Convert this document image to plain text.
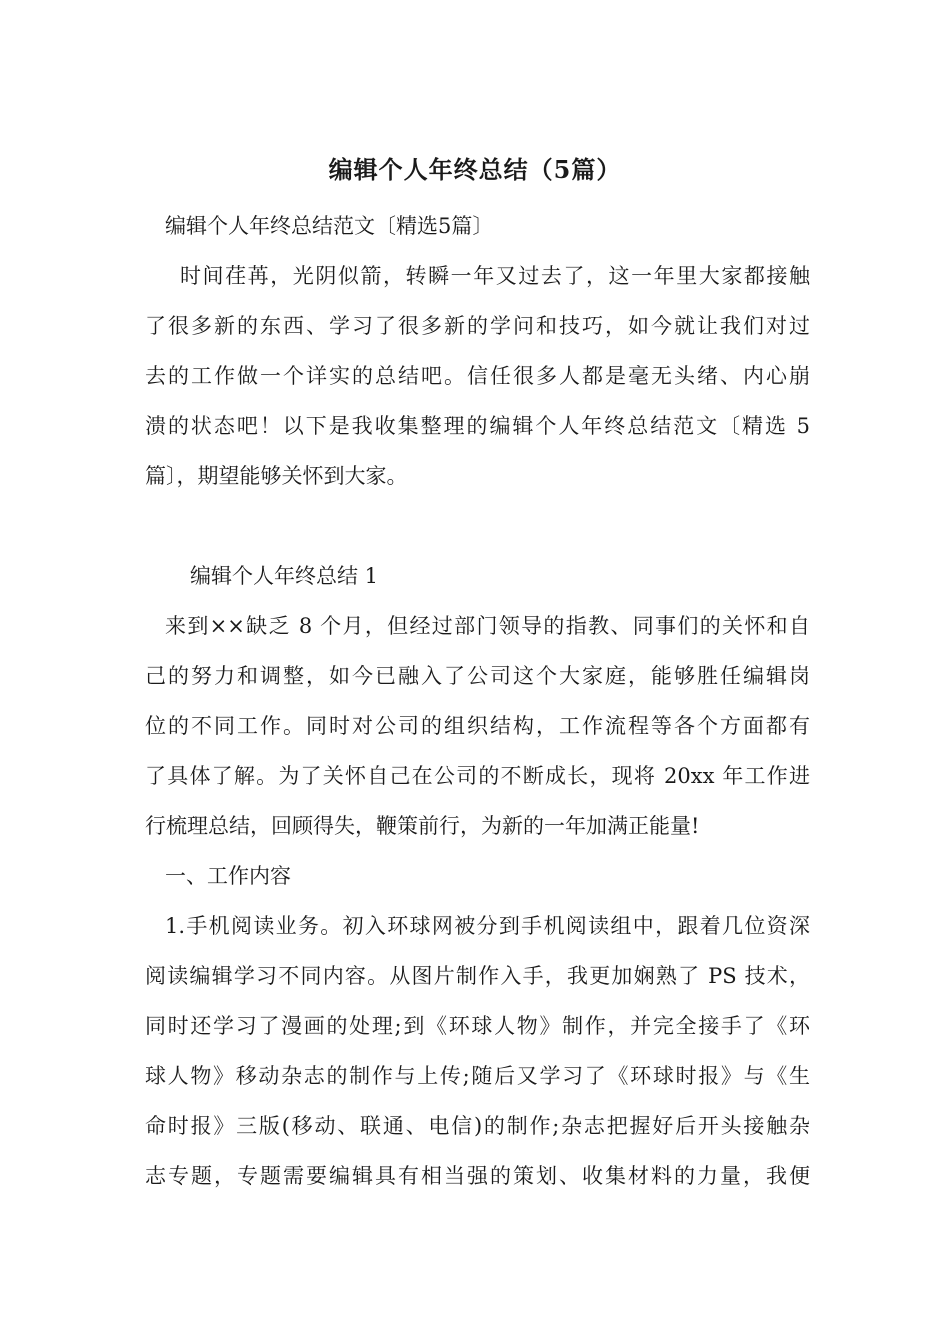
编辑个人年终总结（5篇）
编辑个人年终总结范文〔精选5篇〕
时间荏苒，光阴似箭，转瞬一年又过去了，这一年里大家都接触
了很多新的东西、学习了很多新的学问和技巧，如今就让我们对过
去的工作做一个详实的总结吧。信任很多人都是毫无头绪、内心崩
溃的状态吧！以下是我收集整理的编辑个人年终总结范文〔精选 5
篇〕，期望能够关怀到大家。
编辑个人年终总结 1
来到××缺乏 8 个月，但经过部门领导的指教、同事们的关怀和自
己的努力和调整，如今已融入了公司这个大家庭，能够胜任编辑岗
位的不同工作。同时对公司的组织结构，工作流程等各个方面都有
了具体了解。为了关怀自己在公司的不断成长，现将 20xx 年工作进
行梳理总结，回顾得失，鞭策前行，为新的一年加满正能量!
一、工作内容
1.手机阅读业务。初入环球网被分到手机阅读组中，跟着几位资深
阅读编辑学习不同内容。从图片制作入手，我更加娴熟了 PS 技术，
同时还学习了漫画的处理;到《环球人物》制作，并完全接手了《环
球人物》移动杂志的制作与上传;随后又学习了《环球时报》与《生
命时报》三版(移动、联通、电信)的制作;杂志把握好后开头接触杂
志专题，专题需要编辑具有相当强的策划、收集材料的力量，我便
